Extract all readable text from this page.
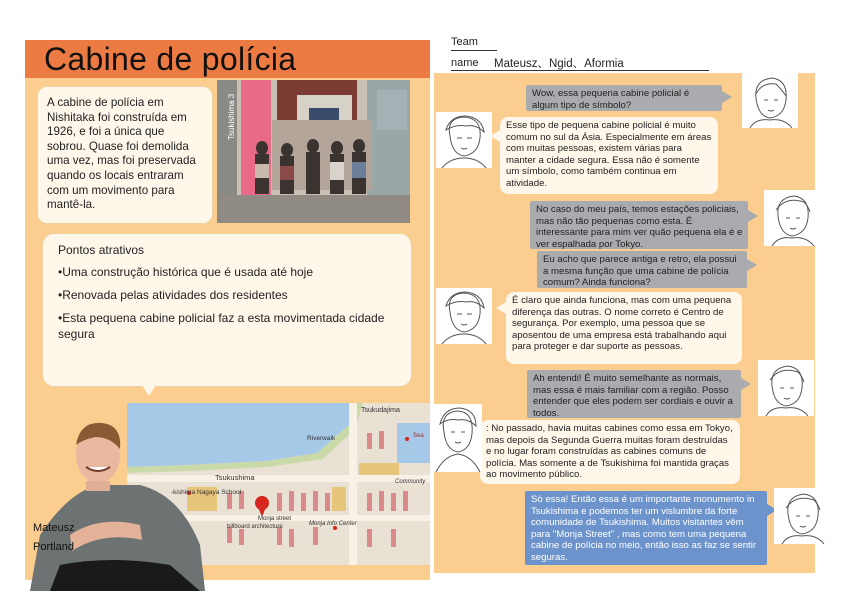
Cabine de polícia
A cabine de polícia em Nishitaka foi construída em 1926, e foi a única que sobrou. Quase foi demolida uma vez, mas foi preservada quando os locais entraram com um movimento para mantê-la.
Tsukishima 3
Pontos atrativos
•Uma construção histórica que é usada até hoje
•Renovada pelas atividades dos residentes
•Esta pequena cabine policial faz a esta movimentada cidade segura
Tsukudajima
Riverwalk
Tsukushima
-kishima Nagaya School
Monja street
billboard architecture	Monja Info Center
Community
Sea
Mateusz
Portland
Team
name Mateusz、Ngid、Aformia
Wow, essa pequena cabine policial é algum tipo de símbolo?
Esse tipo de pequena cabine policial é muito comum no sul da Ásia. Especialmente em áreas com muitas pessoas, existem várias para manter a cidade segura. Essa não é somente um símbolo, como também continua em atividade.
No caso do meu país, temos estações policiais, mas não tão pequenas como esta. É interessante para mim ver quão pequena ela é e ver espalhada por Tokyo.
Eu acho que parece antiga e retro, ela possui a mesma função que uma cabine de polícia comum? Ainda funciona?
É claro que ainda funciona, mas com uma pequena diferença das outras. O nome correto é Centro de segurança. Por exemplo, uma pessoa que se aposentou de uma empresa está trabalhando aqui para proteger e dar suporte as pessoas.
Ah entendi! É muito semelhante as normais, mas essa é mais familiar com a região. Posso entender que eles podem ser cordiais e ouvir a todos.
: No passado, havia muitas cabines como essa em Tokyo, mas depois da Segunda Guerra muitas foram destruídas e no lugar foram construídas as cabines comuns de polícia. Mas somente a de Tsukishima foi mantida graças ao movimento público.
Só essa! Então essa é um importante monumento in Tsukishima e podemos ter um vislumbre da forte comunidade de Tsukishima. Muitos visitantes vêm para "Monja Street" , mas como tem uma pequena cabine de polícia no meio, então isso as faz se sentir seguras.
